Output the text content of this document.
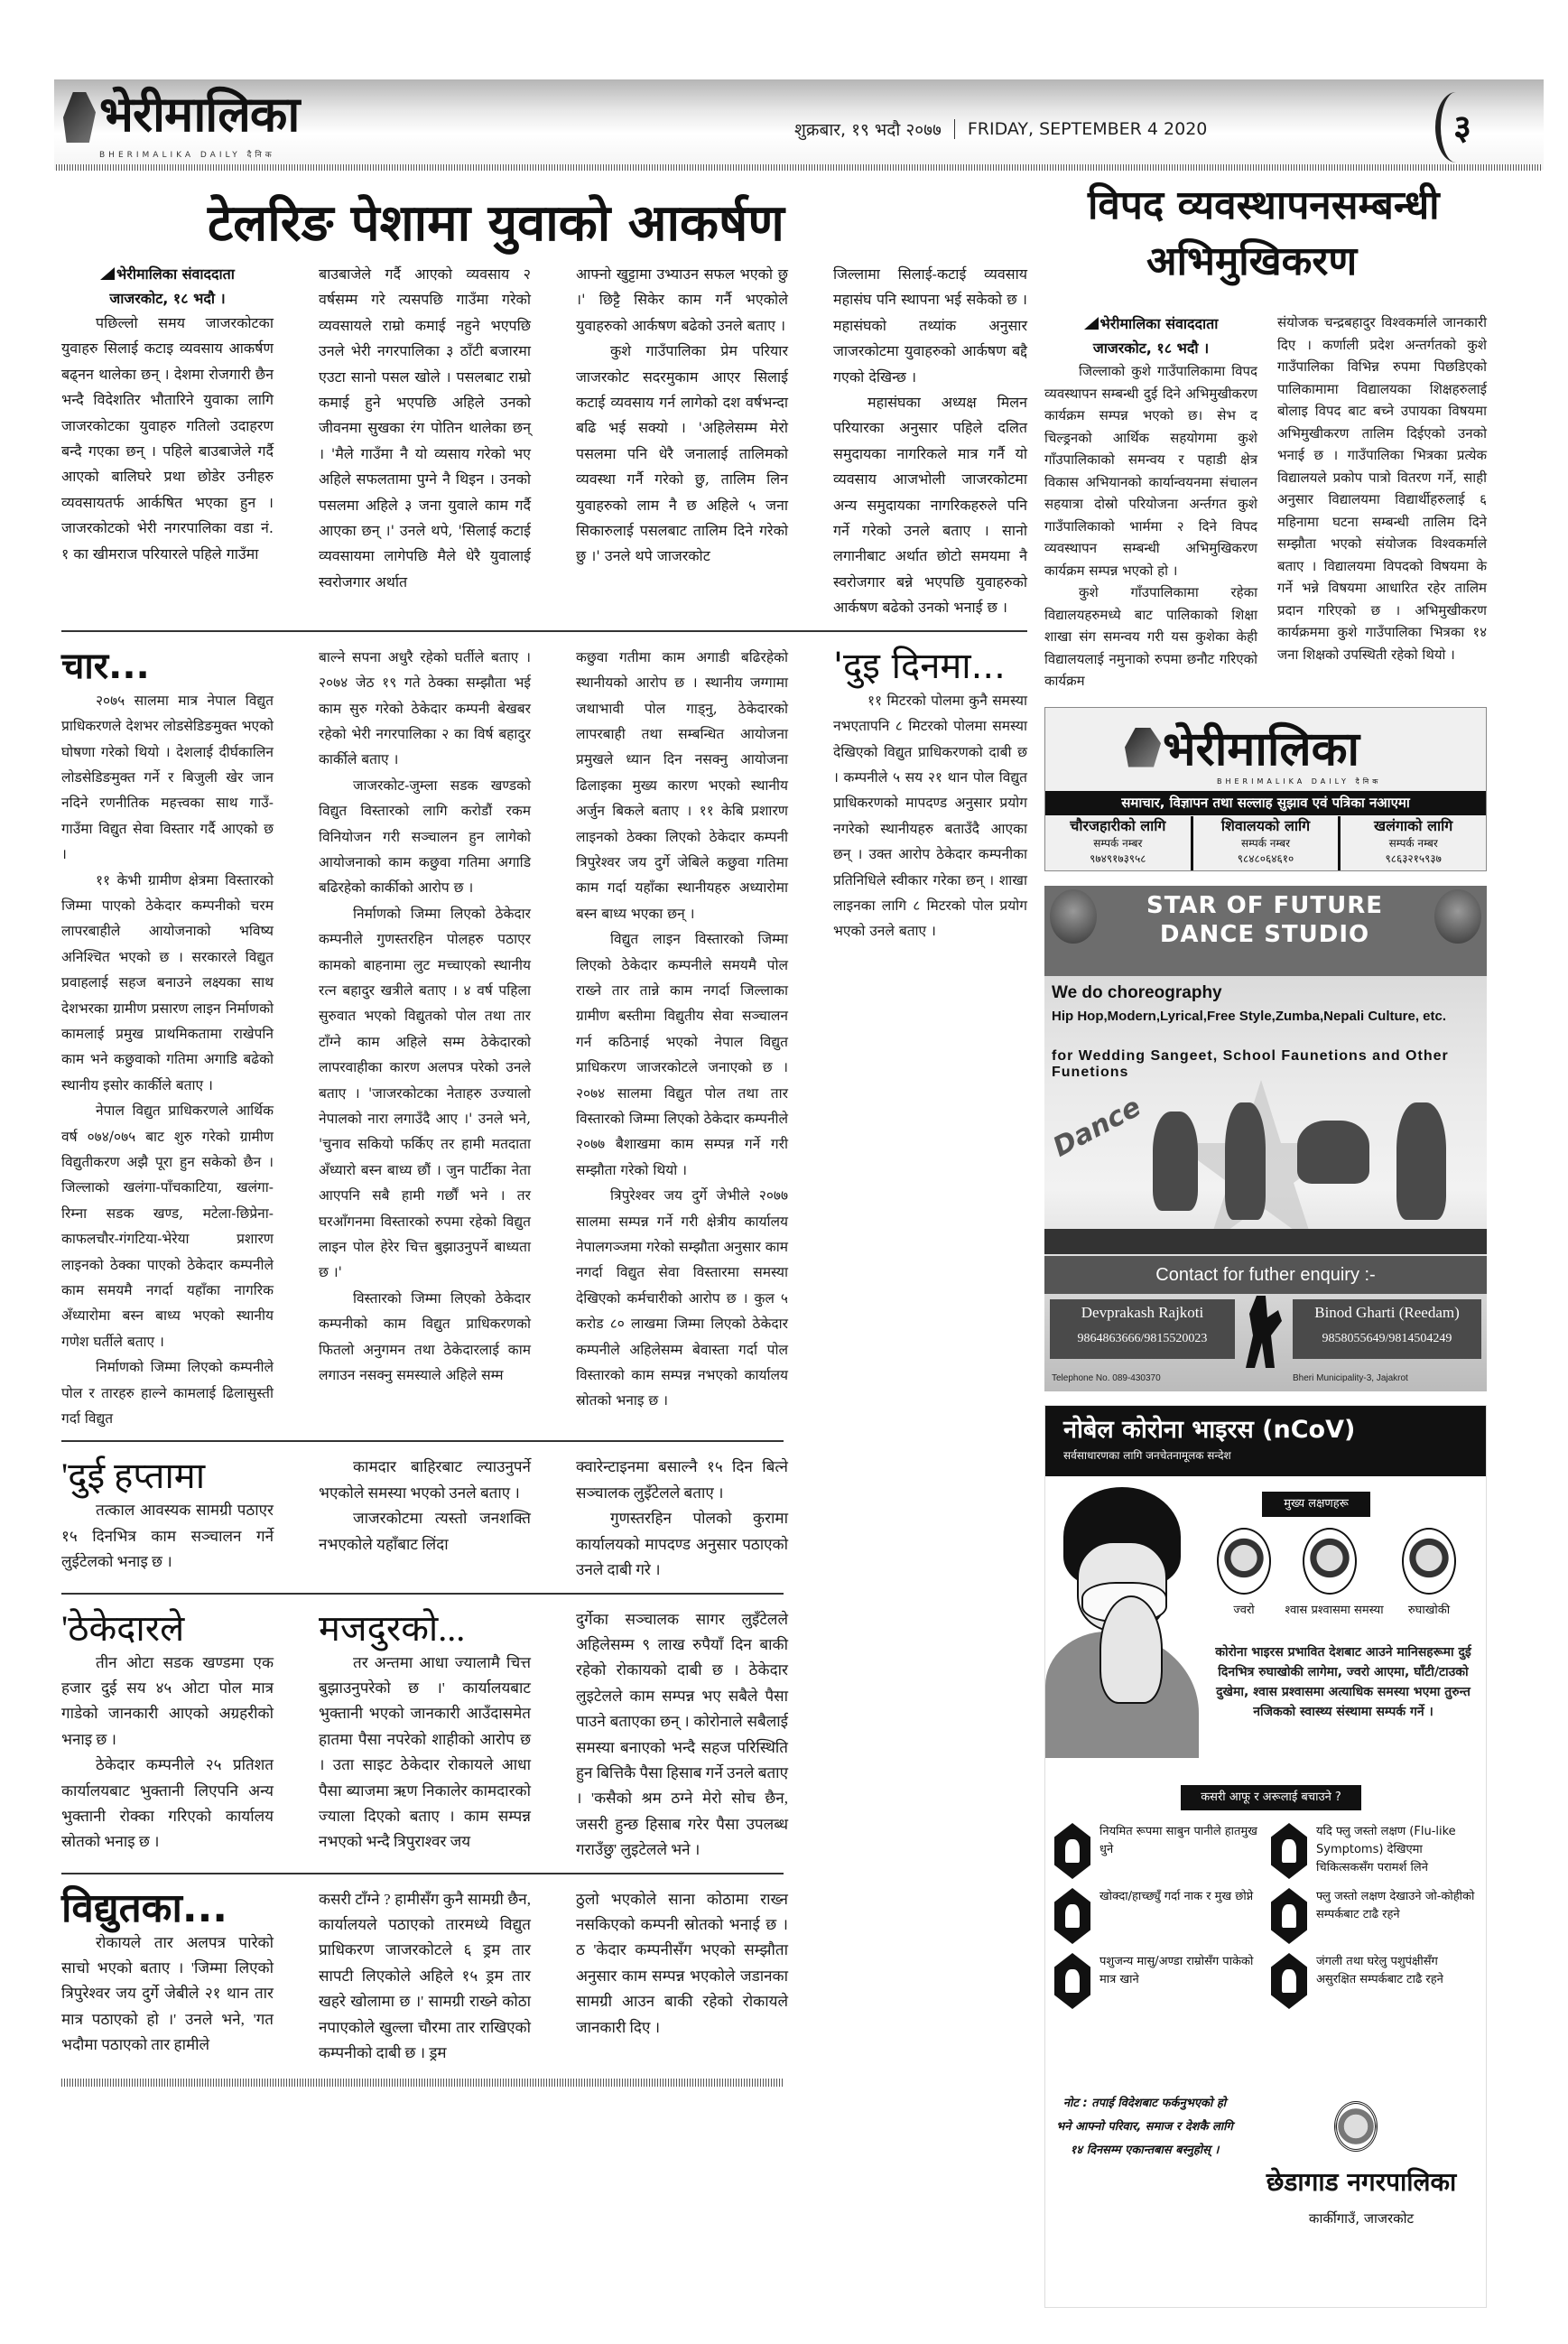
भेरीमालिका
BHERIMALIKA DAILY दैनिक
शुक्रबार, १९ भदौ २०७७ FRIDAY, SEPTEMBER 4 2020	३
टेलरिङ पेशामा युवाको आकर्षण	विपद व्यवस्थापनसम्बन्धी
अभिमुखिकरण
भेरीमालिका संवाददाता
जाजरकोट, १८ भदौ ।

पछिल्लो समय जाजरकोटका युवाहरु सिलाई कटाइ व्यवसाय आकर्षण बढ्नन थालेका छन् । देशमा रोजगारी छैन भन्दै विदेशतिर भौतारिने युवाका लागि जाजरकोटका युवाहरु गतिलो उदाहरण बन्दै गएका छन् । पहिले बाउबाजेले गर्दै आएको बालिघरे प्रथा छोडेर उनीहरु व्यवसायतर्फ आर्कषित भएका हुन । जाजरकोटको भेरी नगरपालिका वडा नं. १ का खीमराज परियारले पहिले गाउँमा

बाउबाजेले गर्दै आएको व्यवसाय २ वर्षसम्म गरे त्यसपछि गाउँमा गरेको व्यवसायले राम्रो कमाई नहुने भएपछि उनले भेरी नगरपालिका ३ ठाँटी बजारमा एउटा सानो पसल खोले । पसलबाट राम्रो कमाई हुने भएपछि अहिले उनको जीवनमा सुखका रंग पोतिन थालेका छन् । 'मैले गाउँमा नै यो व्यसाय गरेको भए अहिले सफलतामा पुग्ने नै थिइन । उनको पसलमा अहिले ३ जना युवाले काम गर्दै आएका छन् ।' उनले थपे, 'सिलाई कटाई व्यवसायमा लागेपछि मैले धेरै युवालाई स्वरोजगार अर्थात

आफ्नो खुट्टामा उभ्याउन सफल भएको छु ।' छिट्टै सिकेर काम गर्नै भएकोले युवाहरुको आर्कषण बढेको उनले बताए ।

कुशे गाउँपालिका प्रेम परियार जाजरकोट सदरमुकाम आएर सिलाई कटाई व्यवसाय गर्न लागेको दश वर्षभन्दा बढि भई सक्यो । 'अहिलेसम्म मेरो पसलमा पनि धेरै जनालाई तालिमको व्यवस्था गर्नै गरेको छु, तालिम लिन युवाहरुको लाम नै छ अहिले ५ जना सिकारुलाई पसलबाट तालिम दिने गरेको छु ।' उनले थपे जाजरकोट

जिल्लामा सिलाई-कटाई व्यवसाय महासंघ पनि स्थापना भई सकेको छ । महासंघको तथ्यांक अनुसार जाजरकोटमा युवाहरुको आर्कषण बद्दै गएको देखिन्छ ।

महासंघका अध्यक्ष मिलन परियारका अनुसार पहिले दलित समुदायका नागरिकले मात्र गर्नै यो व्यवसाय आजभोली जाजरकोटमा अन्य समुदायका नागरिकहरुले पनि गर्ने गरेको उनले बताए । सानो लगानीबाट अर्थात छोटो समयमा नै स्वरोजगार बन्ने भएपछि युवाहरुको आर्कषण बढेको उनको भनाई छ ।

चार...

२०७५ सालमा मात्र नेपाल विद्युत प्राधिकरणले देशभर लोडसेडिङमुक्त भएको घोषणा गरेको थियो । देशलाई दीर्घकालिन लोडसेडिङमुक्त गर्ने र बिजुली खेर जान नदिने रणनीतिक महत्त्वका साथ गाउँ-गाउँमा विद्युत सेवा विस्तार गर्दै आएको छ ।

११ केभी ग्रामीण क्षेत्रमा विस्तारको जिम्मा पाएको ठेकेदार कम्पनीको चरम लापरबाहीले आयोजनाको भविष्य अनिश्चित भएको छ । सरकारले विद्युत प्रवाहलाई सहज बनाउने लक्ष्यका साथ देशभरका ग्रामीण प्रसारण लाइन निर्माणको कामलाई प्रमुख प्राथमिकतामा राखेपनि काम भने कछुवाको गतिमा अगाडि बढेको स्थानीय इसोर कार्कीले बताए ।

नेपाल विद्युत प्राधिकरणले आर्थिक वर्ष ०७४/०७५ बाट शुरु गरेको ग्रामीण विद्युतीकरण अझै पूरा हुन सकेको छैन । जिल्लाको खलंगा-पाँचकाटिया, खलंगा-रिम्ना सडक खण्ड, मटेला-छिप्रेना-काफलचौर-गंगटिया-भेरेया प्रशारण लाइनको ठेक्का पाएको ठेकेदार कम्पनीले काम समयमै नगर्दा यहाँका नागरिक अँध्यारोमा बस्न बाध्य भएको स्थानीय गणेश घर्तीले बताए ।

निर्माणको जिम्मा लिएको कम्पनीले पोल र तारहरु हाल्ने कामलाई ढिलासुस्ती गर्दा विद्युत

बाल्ने सपना अधुरै रहेको घर्तीले बताए । २०७४ जेठ १९ गते ठेक्का सम्झौता भई काम सुरु गरेको ठेकेदार कम्पनी बेखबर रहेको भेरी नगरपालिका २ का विर्ष बहादुर कार्कीले बताए ।

जाजरकोट-जुम्ला सडक खण्डको विद्युत विस्तारको लागि करोडौं रकम विनियोजन गरी सञ्चालन हुन लागेको आयोजनाको काम कछुवा गतिमा अगाडि बढिरहेको कार्कीको आरोप छ ।

निर्माणको जिम्मा लिएको ठेकेदार कम्पनीले गुणस्तरहिन पोलहरु पठाएर कामको बाहनामा लुट मच्चाएको स्थानीय रत्न बहादुर खत्रीले बताए । ४ वर्ष पहिला सुरुवात भएको विद्युतको पोल तथा तार टाँग्ने काम अहिले सम्म ठेकेदारको लापरवाहीका कारण अलपत्र परेको उनले बताए । 'जाजरकोटका नेताहरु उज्यालो नेपालको नारा लगाउँदै आए ।' उनले भने, 'चुनाव सकियो फर्किए तर हामी मतदाता अँध्यारो बस्न बाध्य छौं । जुन पार्टीका नेता आएपनि सबै हामी गर्छौं भने । तर घरआँगनमा विस्तारको रुपमा रहेको विद्युत लाइन पोल हेरेर चित्त बुझाउनुपर्ने बाध्यता छ ।'

विस्तारको जिम्मा लिएको ठेकेदार कम्पनीको काम विद्युत प्राधिकरणको फितलो अनुगमन तथा ठेकेदारलाई काम लगाउन नसक्नु समस्याले अहिले सम्म

कछुवा गतीमा काम अगाडी बढिरहेको स्थानीयको आरोप छ । स्थानीय जग्गामा जथाभावी पोल गाड्नु, ठेकेदारको लापरबाही तथा सम्बन्धित आयोजना प्रमुखले ध्यान दिन नसक्नु आयोजना ढिलाइका मुख्य कारण भएको स्थानीय अर्जुन बिकले बताए । ११ केबि प्रशारण लाइनको ठेक्का लिएको ठेकेदार कम्पनी त्रिपुरेश्वर जय दुर्गे जेबिले कछुवा गतिमा काम गर्दा यहाँका स्थानीयहरु अध्यारोमा बस्न बाध्य भएका छन् ।

विद्युत लाइन विस्तारको जिम्मा लिएको ठेकेदार कम्पनीले समयमै पोल राख्ने तार तान्ने काम नगर्दा जिल्लाका ग्रामीण बस्तीमा विद्युतीय सेवा सञ्चालन गर्न कठिनाई भएको नेपाल विद्युत प्राधिकरण जाजरकोटले जनाएको छ । २०७४ सालमा विद्युत पोल तथा तार विस्तारको जिम्मा लिएको ठेकेदार कम्पनीले २०७७ बैशाखमा काम सम्पन्न गर्ने गरी सम्झौता गरेको थियो ।

त्रिपुरेश्वर जय दुर्गे जेभीले २०७७ सालमा सम्पन्न गर्ने गरी क्षेत्रीय कार्यालय नेपालगञ्जमा गरेको सम्झौता अनुसार काम नगर्दा विद्युत सेवा विस्तारमा समस्या देखिएको कर्मचारीको आरोप छ । कुल ५ करोड ८० लाखमा जिम्मा लिएको ठेकेदार कम्पनीले अहिलेसम्म बेवास्ता गर्दा पोल विस्तारको काम सम्पन्न नभएको कार्यालय स्रोतको भनाइ छ ।

'दुइ दिनमा...

११ मिटरको पोलमा कुनै समस्या नभएतापनि ८ मिटरको पोलमा समस्या देखिएको विद्युत प्राधिकरणको दाबी छ । कम्पनीले ५ सय २१ थान पोल विद्युत प्राधिकरणको मापदण्ड अनुसार प्रयोग नगरेको स्थानीयहरु बताउँदै आएका छन् । उक्त आरोप ठेकेदार कम्पनीका प्रतिनिधिले स्वीकार गरेका छन् । शाखा लाइनका लागि ८ मिटरको पोल प्रयोग भएको उनले बताए ।

'दुई हप्तामा

तत्काल आवस्यक सामग्री पठाएर १५ दिनभित्र काम सञ्चालन गर्ने लुईटेलको भनाइ छ ।

कामदार बाहिरबाट ल्याउनुपर्ने भएकोले समस्या भएको उनले बताए ।

जाजरकोटमा त्यस्तो जनशक्ति नभएकोले यहाँबाट लिंदा

क्वारेन्टाइनमा बसाल्नै १५ दिन बित्ने सञ्चालक लुइँटेलले बताए ।

गुणस्तरहिन पोलको कुरामा कार्यालयको मापदण्ड अनुसार पठाएको उनले दाबी गरे ।

'ठेकेदारले

तीन ओटा सडक खण्डमा एक हजार दुई सय ४५ ओटा पोल मात्र गाडेको जानकारी आएको अग्रहरीको भनाइ छ ।

ठेकेदार कम्पनीले २५ प्रतिशत कार्यालयबाट भुक्तानी लिएपनि अन्य भुक्तानी रोक्का गरिएको कार्यालय स्रोतको भनाइ छ ।

मजदुरको...

तर अन्तमा आधा ज्यालामै चित्त बुझाउनुपरेको छ ।' कार्यालयबाट भुक्तानी भएको जानकारी आउँदासमेत हातमा पैसा नपरेको शाहीको आरोप छ । उता साइट ठेकेदार रोकायले आधा पैसा ब्याजमा ऋण निकालेर कामदारको ज्याला दिएको बताए । काम सम्पन्न नभएको भन्दै त्रिपुराश्वर जय

दुर्गेका सञ्चालक सागर लुइँटेलले अहिलेसम्म ९ लाख रुपैयाँ दिन बाकी रहेको रोकायको दाबी छ । ठेकेदार लुइटेलले काम सम्पन्न भए सबैले पैसा पाउने बताएका छन् । कोरोनाले सबैलाई समस्या बनाएको भन्दै सहज परिस्थिति हुन बित्तिकै पैसा हिसाब गर्ने उनले बताए । 'कसैको श्रम ठग्ने मेरो सोच छैन, जसरी हुन्छ हिसाब गरेर पैसा उपलब्ध गराउँछु' लुइटेलले भने ।

विद्युतका...

रोकायले तार अलपत्र पारेको साचो भएको बताए । 'जिम्मा लिएको त्रिपुरेश्वर जय दुर्गे जेबीले २१ थान तार मात्र पठाएको हो ।' उनले भने, 'गत भदौमा पठाएको तार हामीले

कसरी टाँग्ने ? हामीसँग कुनै सामग्री छैन, कार्यालयले पठाएको तारमध्ये विद्युत प्राधिकरण जाजरकोटले ६ ड्रम तार सापटी लिएकोले अहिले १५ ड्रम तार खहरे खोलामा छ ।' सामग्री राख्ने कोठा नपाएकोले खुल्ला चौरमा तार राखिएको कम्पनीको दाबी छ । ड्रम

ठुलो भएकोले साना कोठामा राख्न नसकिएको कम्पनी स्रोतको भनाई छ । ठ 'केदार कम्पनीसँग भएको सम्झौता अनुसार काम सम्पन्न भएकोले जडानका सामग्री आउन बाकी रहेको रोकायले जानकारी दिए ।

भेरीमालिका संवाददाता
जाजरकोट, १८ भदौ ।

जिल्लाको कुशे गाउँपालिकामा विपद व्यवस्थापन सम्बन्धी दुई दिने अभिमुखीकरण कार्यक्रम सम्पन्न भएको छ। सेभ द चिल्ड्रनको आर्थिक सहयोगमा कुशे गाँउपालिकाको समन्वय र पहाडी क्षेत्र विकास अभियानको कार्यान्वयनमा संचालन सहयात्रा दोस्रो परियोजना अर्न्तगत कुशे गाउँपालिकाको भार्ममा २ दिने विपद व्यवस्थापन सम्बन्धी अभिमुखिकरण कार्यक्रम सम्पन्न भएको हो ।

कुशे गाँउपालिकामा रहेका विद्यालयहरुमध्ये बाट पालिकाको शिक्षा शाखा संग समन्वय गरी यस कुशेका केही विद्यालयलाई नमुनाको रुपमा छनौट गरिएको कार्यक्रम

संयोजक चन्द्रबहादुर विश्वकर्माले जानकारी दिए । कर्णाली प्रदेश अन्तर्गतको कुशे गाउँपालिका विभिन्न रुपमा पिछडिएको पालिकामामा विद्यालयका शिक्षहरुलाई बोलाइ विपद बाट बच्ने उपायका विषयमा अभिमुखीकरण तालिम दिईएको उनको भनाई छ । गाउँपालिका भित्रका प्रत्येक विद्यालयले प्रकोप पात्रो वितरण गर्ने, साही अनुसार विद्यालयमा विद्यार्थीहरुलाई ६ महिनामा घटना सम्बन्धी तालिम दिने सम्झौता भएको संयोजक विश्वकर्माले बताए । विद्यालयमा विपदको विषयमा के गर्ने भन्ने विषयमा आधारित रहेर तालिम प्रदान गरिएको छ । अभिमुखीकरण कार्यक्रममा कुशे गाउँपालिका भित्रका १४ जना शिक्षको उपस्थिती रहेको थियो ।

भेरीमालिका
BHERIMALIKA DAILY दैनिक
समाचार, विज्ञापन तथा सल्लाह सुझाव एवं पत्रिका नआएमा
चौरजहारीको लागि
सम्पर्क नम्बर
९७४९१७३९५८
शिवालयको लागि
सम्पर्क नम्बर
९८४८०६४६१०
खलंगाको लागि
सम्पर्क नम्बर
९८६३२१५९३७
STAR OF FUTURE DANCE STUDIO
We do choreography
Hip Hop,Modern,Lyrical,Free Style,Zumba,Nepali Culture, etc.
for Wedding Sangeet, School Faunetions and Other Funetions
Dance
Contact for futher enquiry :-
Devprakash Rajkoti
9864863666/9815520023
Binod Gharti (Reedam)
9858055649/9814504249
Telephone No. 089-430370	Bheri Municipality-3, Jajakrot
नोबेल कोरोना भाइरस (nCoV)
सर्वसाधारणका लागि जनचेतनामूलक सन्देश
मुख्य लक्षणहरू
ज्वरो	श्वास प्रश्वासमा समस्या	रुघाखोकी
कोरोना भाइरस प्रभावित देशबाट आउने मानिसहरूमा दुई दिनभित्र रुघाखोकी लागेमा, ज्वरो आएमा, घाँटी/टाउको दुखेमा, श्वास प्रश्वासमा अत्याधिक समस्या भएमा तुरुन्त नजिकको स्वास्थ्य संस्थामा सम्पर्क गर्ने ।
कसरी आफू र अरूलाई बचाउने ?
नियमित रूपमा साबुन पानीले हातमुख धुने
यदि फ्लु जस्तो लक्षण (Flu-like Symptoms) देखिएमा चिकित्सकसँग परामर्श लिने
खोक्दा/हाच्छ्युँ गर्दा नाक र मुख छोप्ने	फ्लु जस्तो लक्षण देखाउने जो-कोहीको सम्पर्कबाट टाढै रहने
पशुजन्य मासु/अण्डा राम्रोसँग पाकेको मात्र खाने
जंगली तथा घरेलु पशुपंक्षीसँग असुरक्षित सम्पर्कबाट टाढै रहने
नोट : तपाई विदेशबाट फर्कनुभएको हो भने आफ्नो परिवार, समाज र देशकै लागि १४ दिनसम्म एकान्तबास बस्नुहोस् ।
छेडागाड नगरपालिका
कार्कीगाउँ, जाजरकोट
